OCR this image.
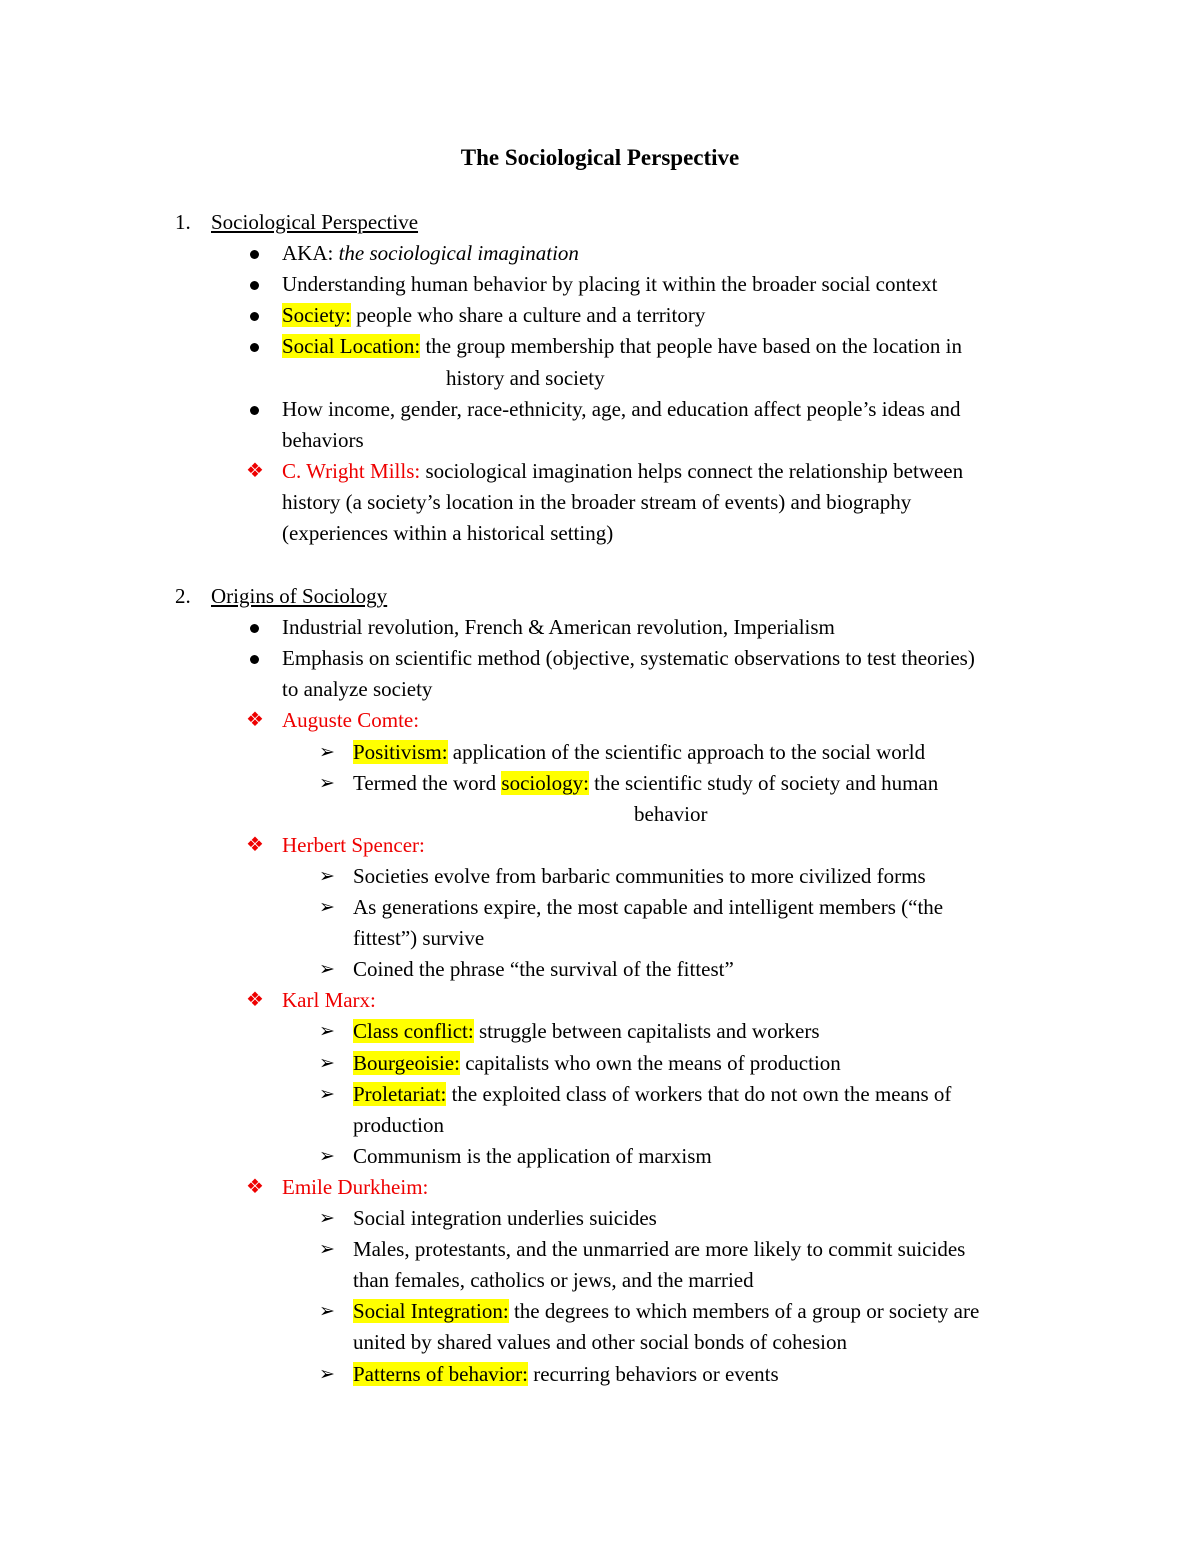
The Sociological Perspective
1. Sociological Perspective
AKA: the sociological imagination
Understanding human behavior by placing it within the broader social context
Society: people who share a culture and a territory
Social Location: the group membership that people have based on the location in
history and society
How income, gender, race-ethnicity, age, and education affect people’s ideas and
behaviors
❖ C. Wright Mills: sociological imagination helps connect the relationship between
history (a society’s location in the broader stream of events) and biography
(experiences within a historical setting)
2. Origins of Sociology
Industrial revolution, French & American revolution, Imperialism
Emphasis on scientific method (objective, systematic observations to test theories)
to analyze society
❖ Auguste Comte:
➢ Positivism: application of the scientific approach to the social world
➢ Termed the word sociology: the scientific study of society and human
behavior
❖ Herbert Spencer:
➢ Societies evolve from barbaric communities to more civilized forms
➢ As generations expire, the most capable and intelligent members (“the
fittest”) survive
➢ Coined the phrase “the survival of the fittest”
❖ Karl Marx:
➢ Class conflict: struggle between capitalists and workers
➢ Bourgeoisie: capitalists who own the means of production
➢ Proletariat: the exploited class of workers that do not own the means of
production
➢ Communism is the application of marxism
❖ Emile Durkheim:
➢ Social integration underlies suicides
➢ Males, protestants, and the unmarried are more likely to commit suicides
than females, catholics or jews, and the married
➢ Social Integration: the degrees to which members of a group or society are
united by shared values and other social bonds of cohesion
➢ Patterns of behavior: recurring behaviors or events
